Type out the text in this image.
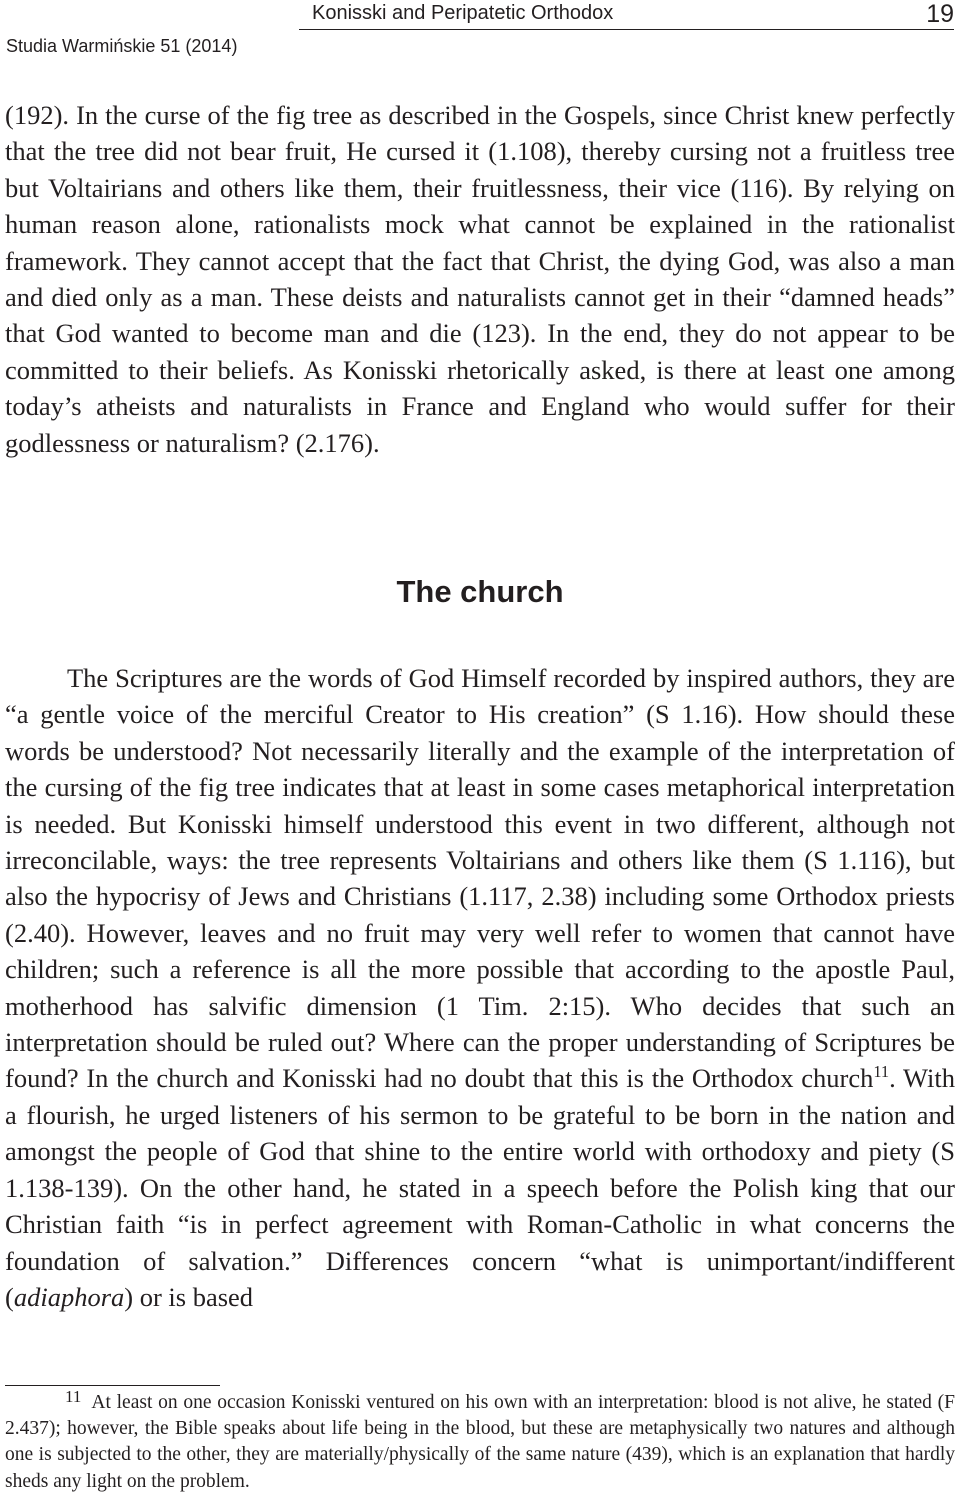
Konisski and Peripatetic Orthodox	19
Studia Warmińskie 51 (2014)

(192). In the curse of the fig tree as described in the Gospels, since Christ knew perfectly that the tree did not bear fruit, He cursed it (1.108), thereby cursing not a fruitless tree but Voltairians and others like them, their fruitlessness, their vice (116). By relying on human reason alone, rationalists mock what cannot be explained in the rationalist framework. They cannot accept that the fact that Christ, the dying God, was also a man and died only as a man. These deists and naturalists cannot get in their “damned heads” that God wanted to become man and die (123). In the end, they do not appear to be committed to their beliefs. As Konisski rhetorically asked, is there at least one among today’s atheists and naturalists in France and England who would suffer for their godlessness or naturalism? (2.176).

The church

The Scriptures are the words of God Himself recorded by inspired authors, they are “a gentle voice of the merciful Creator to His creation” (S 1.16). How should these words be understood? Not necessarily literally and the example of the interpretation of the cursing of the fig tree indicates that at least in some cases metaphorical interpretation is needed. But Konisski himself understood this event in two different, although not irreconcilable, ways: the tree represents Voltairians and others like them (S 1.116), but also the hypocrisy of Jews and Christians (1.117, 2.38) including some Orthodox priests (2.40). However, leaves and no fruit may very well refer to women that cannot have children; such a reference is all the more possible that according to the apostle Paul, motherhood has salvific dimension (1 Tim. 2:15). Who decides that such an interpretation should be ruled out? Where can the proper understanding of Scriptures be found? In the church and Konisski had no doubt that this is the Orthodox church$^{11}$. With a flourish, he urged listeners of his sermon to be grateful to be born in the nation and amongst the people of God that shine to the entire world with orthodoxy and piety (S 1.138-139). On the other hand, he stated in a speech before the Polish king that our Christian faith “is in perfect agreement with Roman-Catholic in what concerns the foundation of salvation.” Differences concern “what is unimportant/indifferent (adiaphora) or is based

11 At least on one occasion Konisski ventured on his own with an interpretation: blood is not alive, he stated (F 2.437); however, the Bible speaks about life being in the blood, but these are metaphysically two natures and although one is subjected to the other, they are materially/physically of the same nature (439), which is an explanation that hardly sheds any light on the problem.
